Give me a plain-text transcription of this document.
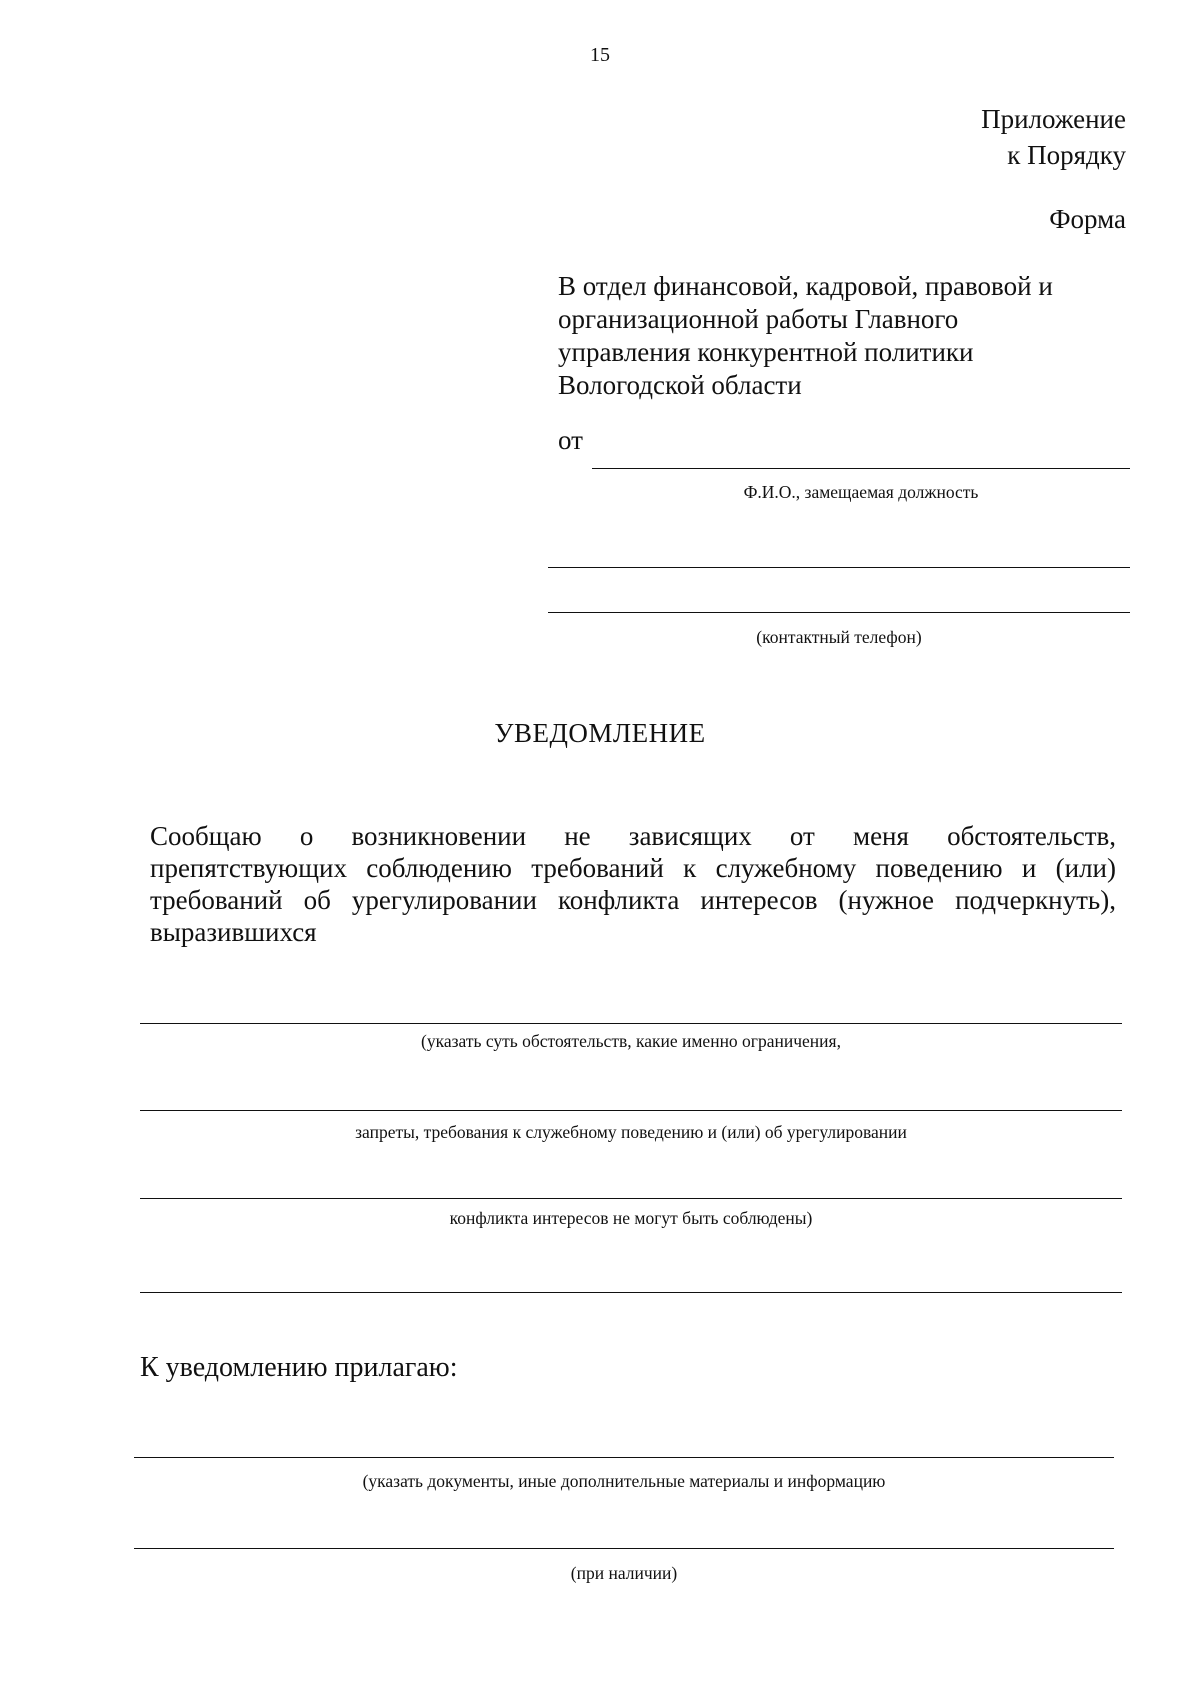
15
Приложение
к Порядку
Форма
В отдел финансовой, кадровой, правовой и
организационной работы Главного
управления конкурентной политики
Вологодской области
от
Ф.И.О., замещаемая должность
(контактный телефон)
УВЕДОМЛЕНИЕ
Сообщаю о возникновении не зависящих от меня обстоятельств,
препятствующих соблюдению требований к служебному поведению и (или)
требований об урегулировании конфликта интересов (нужное подчеркнуть),
выразившихся
(указать суть обстоятельств, какие именно ограничения,
запреты, требования к служебному поведению и (или) об урегулировании
конфликта интересов не могут быть соблюдены)
К уведомлению прилагаю:
(указать документы, иные дополнительные материалы и информацию
(при наличии)
